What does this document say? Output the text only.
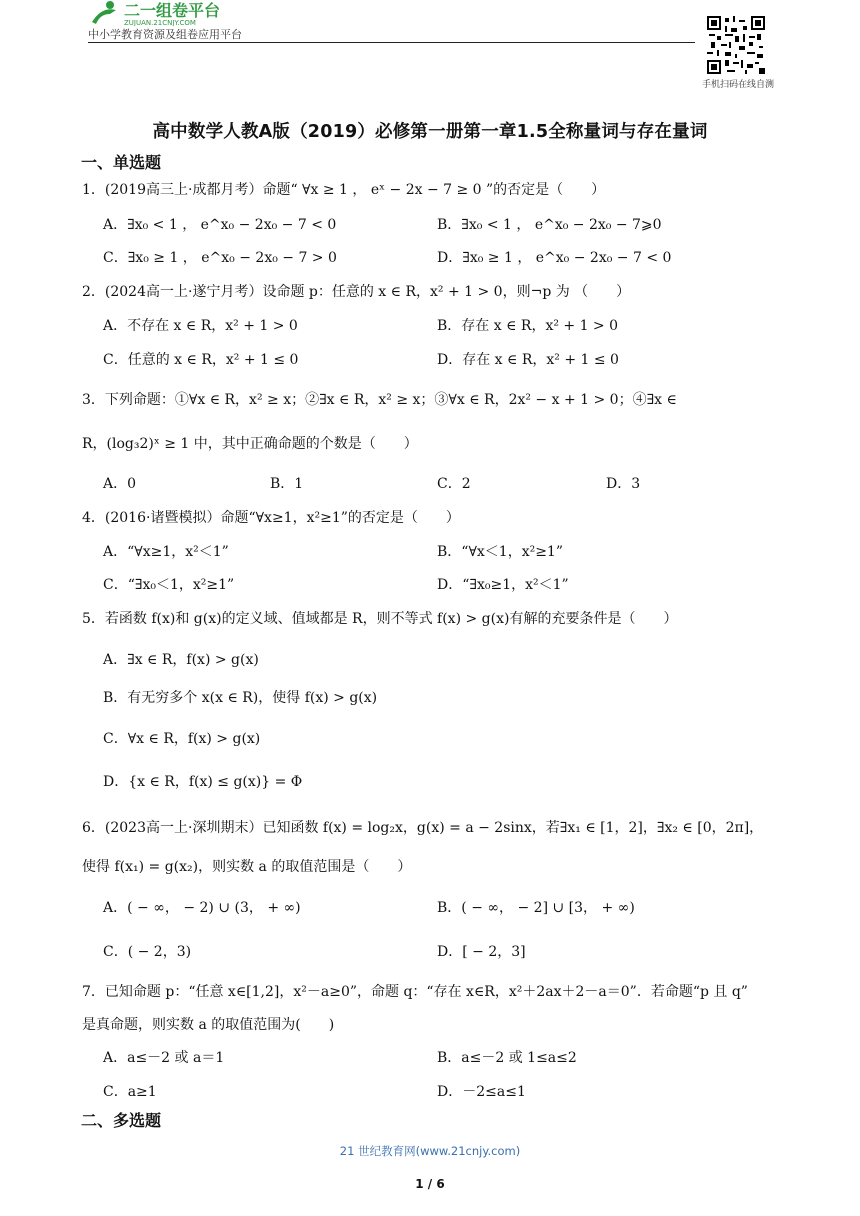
二一组卷平台
ZUJUAN.21CNJY.COM
中小学教育资源及组卷应用平台
手机扫码在线自测
高中数学人教A版（2019）必修第一册第一章1.5全称量词与存在量词
一、单选题
1．(2019高三上·成都月考）命题“ ∀x ≥ 1 ， eˣ − 2x − 7 ≥ 0 ”的否定是（　　）
A．∃x₀ < 1 ， e^x₀ − 2x₀ − 7 < 0	B．∃x₀ < 1 ， e^x₀ − 2x₀ − 7⩾0
C．∃x₀ ≥ 1 ， e^x₀ − 2x₀ − 7 > 0	D．∃x₀ ≥ 1 ， e^x₀ − 2x₀ − 7 < 0
2．(2024高一上·遂宁月考）设命题 p：任意的 x ∈ R，x² + 1 > 0，则¬p 为 （　　）
A．不存在 x ∈ R，x² + 1 > 0	B．存在 x ∈ R，x² + 1 > 0
C．任意的 x ∈ R，x² + 1 ≤ 0	D．存在 x ∈ R，x² + 1 ≤ 0
3．下列命题：①∀x ∈ R，x² ≥ x；②∃x ∈ R，x² ≥ x；③∀x ∈ R，2x² − x + 1 > 0；④∃x ∈
R，(log₃2)ˣ ≥ 1 中，其中正确命题的个数是（　　）
A．0	B．1	C．2	D．3
4．(2016·诸暨模拟）命题“∀x≥1，x²≥1”的否定是（　　）
A．“∀x≥1，x²＜1”	B．“∀x＜1，x²≥1”
C．“∃x₀＜1，x²≥1”	D．“∃x₀≥1，x²＜1”
5．若函数 f(x)和 g(x)的定义域、值域都是 R，则不等式 f(x) > g(x)有解的充要条件是（　　）
A．∃x ∈ R，f(x) > g(x)
B．有无穷多个 x(x ∈ R)，使得 f(x) > g(x)
C．∀x ∈ R，f(x) > g(x)
D．{x ∈ R，f(x) ≤ g(x)} = Φ
6．(2023高一上·深圳期末）已知函数 f(x) = log₂x，g(x) = a − 2sinx，若∃x₁ ∈ [1，2]，∃x₂ ∈ [0，2π]，
使得 f(x₁) = g(x₂)，则实数 a 的取值范围是（　　）
A．( − ∞， − 2) ∪ (3， + ∞)	B．( − ∞， − 2] ∪ [3， + ∞)
C．( − 2，3)	D．[ − 2，3]
7．已知命题 p：“任意 x∈[1,2]，x²－a≥0”，命题 q：“存在 x∈R，x²＋2ax＋2－a＝0”．若命题“p 且 q”
是真命题，则实数 a 的取值范围为(　　)
A．a≤－2 或 a＝1	B．a≤－2 或 1≤a≤2
C．a≥1	D．－2≤a≤1
二、多选题
21 世纪教育网(www.21cnjy.com)
1 / 6
